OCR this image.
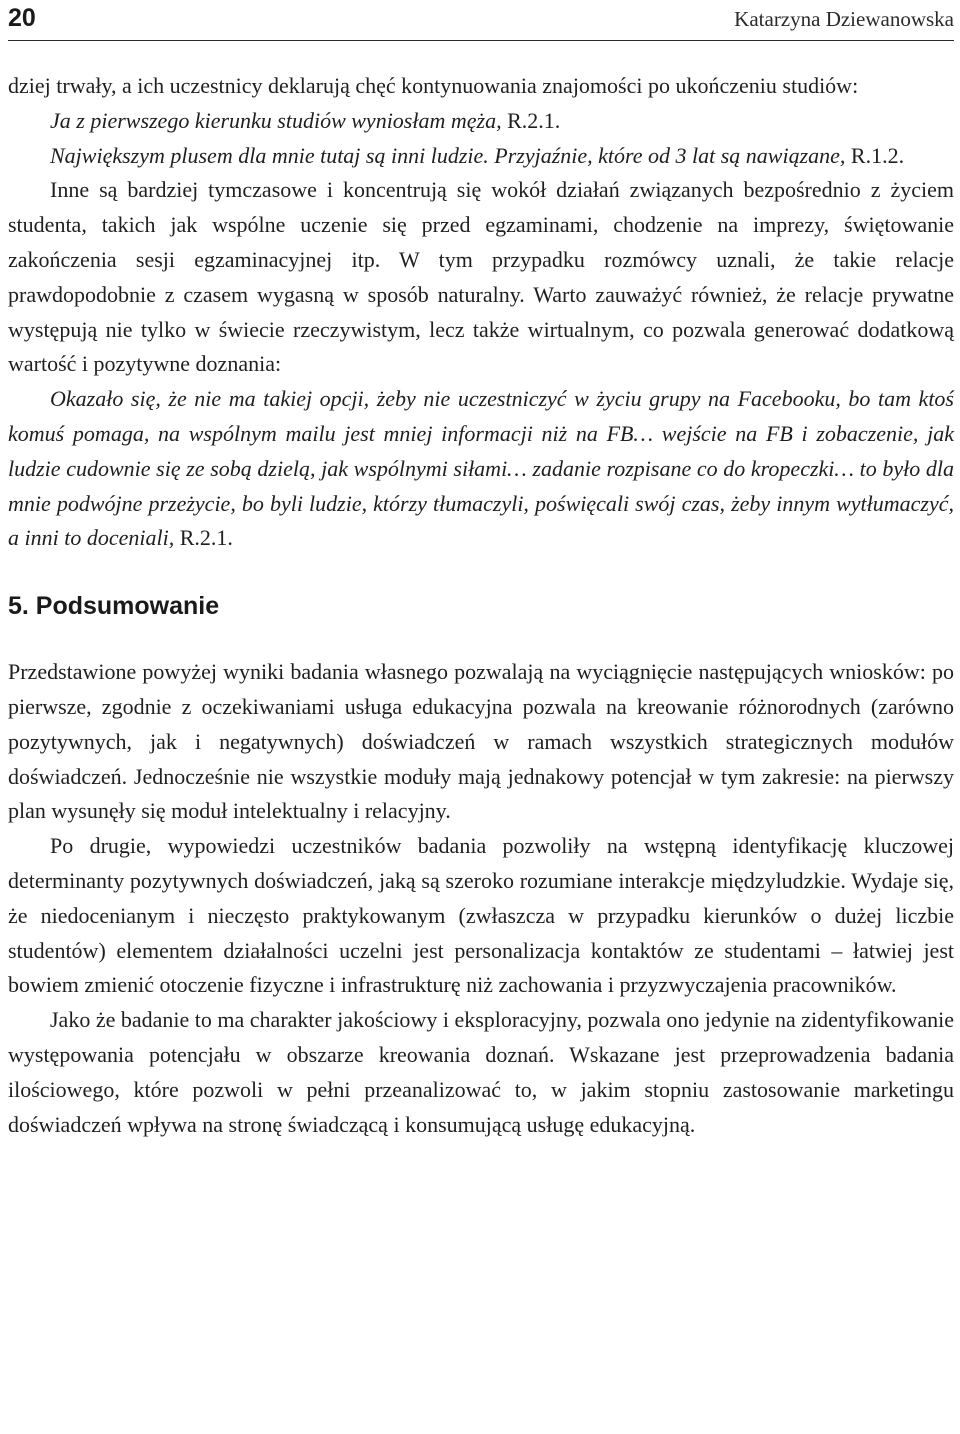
20	Katarzyna Dziewanowska

dziej trwały, a ich uczestnicy deklarują chęć kontynuowania znajomości po ukończeniu studiów:

Ja z pierwszego kierunku studiów wyniosłam męża, R.2.1.

Największym plusem dla mnie tutaj są inni ludzie. Przyjaźnie, które od 3 lat są nawiązane, R.1.2.

Inne są bardziej tymczasowe i koncentrują się wokół działań związanych bezpośrednio z życiem studenta, takich jak wspólne uczenie się przed egzaminami, chodzenie na imprezy, świętowanie zakończenia sesji egzaminacyjnej itp. W tym przypadku rozmówcy uznali, że takie relacje prawdopodobnie z czasem wygasną w sposób naturalny. Warto zauważyć również, że relacje prywatne występują nie tylko w świecie rzeczywistym, lecz także wirtualnym, co pozwala generować dodatkową wartość i pozytywne doznania:

Okazało się, że nie ma takiej opcji, żeby nie uczestniczyć w życiu grupy na Facebooku, bo tam ktoś komuś pomaga, na wspólnym mailu jest mniej informacji niż na FB… wejście na FB i zobaczenie, jak ludzie cudownie się ze sobą dzielą, jak wspólnymi siłami… zadanie rozpisane co do kropeczki… to było dla mnie podwójne przeżycie, bo byli ludzie, którzy tłumaczyli, poświęcali swój czas, żeby innym wytłumaczyć, a inni to doceniali, R.2.1.

5. Podsumowanie

Przedstawione powyżej wyniki badania własnego pozwalają na wyciągnięcie następujących wniosków: po pierwsze, zgodnie z oczekiwaniami usługa edukacyjna pozwala na kreowanie różnorodnych (zarówno pozytywnych, jak i negatywnych) doświadczeń w ramach wszystkich strategicznych modułów doświadczeń. Jednocześnie nie wszystkie moduły mają jednakowy potencjał w tym zakresie: na pierwszy plan wysunęły się moduł intelektualny i relacyjny.

Po drugie, wypowiedzi uczestników badania pozwoliły na wstępną identyfikację kluczowej determinanty pozytywnych doświadczeń, jaką są szeroko rozumiane interakcje międzyludzkie. Wydaje się, że niedocenianym i nieczęsto praktykowanym (zwłaszcza w przypadku kierunków o dużej liczbie studentów) elementem działalności uczelni jest personalizacja kontaktów ze studentami – łatwiej jest bowiem zmienić otoczenie fizyczne i infrastrukturę niż zachowania i przyzwyczajenia pracowników.

Jako że badanie to ma charakter jakościowy i eksploracyjny, pozwala ono jedynie na zidentyfikowanie występowania potencjału w obszarze kreowania doznań. Wskazane jest przeprowadzenia badania ilościowego, które pozwoli w pełni przeanalizować to, w jakim stopniu zastosowanie marketingu doświadczeń wpływa na stronę świadczącą i konsumującą usługę edukacyjną.
